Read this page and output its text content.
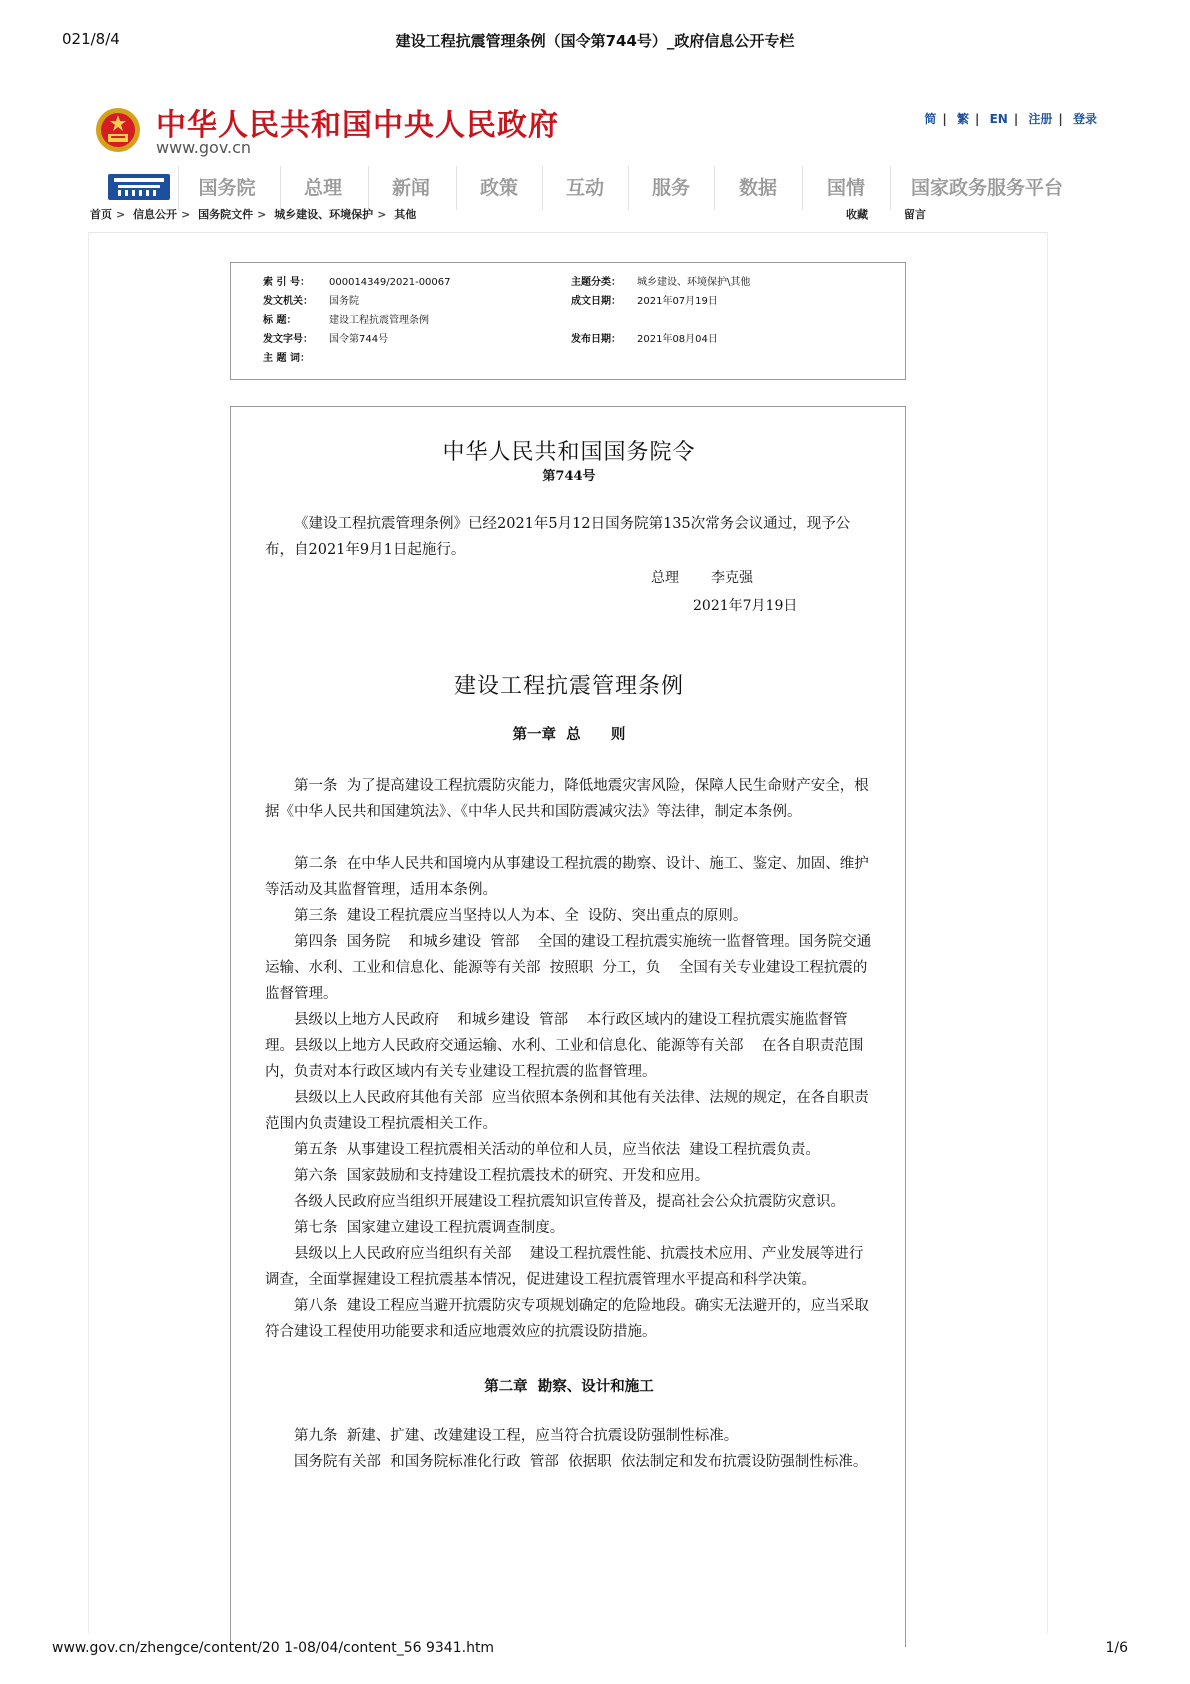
021/8/4	建设工程抗震管理条例（国令第744号）_政府信息公开专栏
中华人民共和国中央人民政府
www.gov.cn
简 | 繁 | EN | 注册 | 登录
国务院	总理	新闻	政策	互动	服务	数据	国情	国家政务服务平台
首页 > 信息公开 > 国务院文件 > 城乡建设、环境保护 > 其他	收藏	留言
索 引 号： 000014349/2021-00067	主题分类： 城乡建设、环境保护\其他
发文机关： 国务院	成文日期： 2021年07月19日
标 题：	建设工程抗震管理条例
发文字号： 国令第744号	发布日期： 2021年08月04日
主 题 词：
中华人民共和国国务院令
第744号
《建设工程抗震管理条例》已经2021年5月12日国务院第135次常务会议通过，现予公布，自2021年9月1日起施行。
总理 李克强
2021年7月19日
建设工程抗震管理条例
第一章  总      则
第一条  为了提高建设工程抗震防灾能力，降低地震灾害风险，保障人民生命财产安全，根据《中华人民共和国建筑法》、《中华人民共和国防震减灾法》等法律，制定本条例。
第二条  在中华人民共和国境内从事建设工程抗震的勘察、设计、施工、鉴定、加固、维护等活动及其监督管理，适用本条例。
第三条  建设工程抗震应当坚持以人为本、全  设防、突出重点的原则。
第四条  国务院    和城乡建设  管部    全国的建设工程抗震实施统一监督管理。国务院交通运输、水利、工业和信息化、能源等有关部  按照职  分工，负    全国有关专业建设工程抗震的监督管理。
县级以上地方人民政府    和城乡建设  管部    本行政区域内的建设工程抗震实施监督管理。县级以上地方人民政府交通运输、水利、工业和信息化、能源等有关部    在各自职责范围内，负责对本行政区域内有关专业建设工程抗震的监督管理。
县级以上人民政府其他有关部  应当依照本条例和其他有关法律、法规的规定，在各自职责范围内负责建设工程抗震相关工作。
第五条  从事建设工程抗震相关活动的单位和人员，应当依法  建设工程抗震负责。
第六条  国家鼓励和支持建设工程抗震技术的研究、开发和应用。
各级人民政府应当组织开展建设工程抗震知识宣传普及，提高社会公众抗震防灾意识。
第七条  国家建立建设工程抗震调查制度。
县级以上人民政府应当组织有关部    建设工程抗震性能、抗震技术应用、产业发展等进行调查，全面掌握建设工程抗震基本情况，促进建设工程抗震管理水平提高和科学决策。
第八条  建设工程应当避开抗震防灾专项规划确定的危险地段。确实无法避开的，应当采取符合建设工程使用功能要求和适应地震效应的抗震设防措施。
第二章  勘察、设计和施工
第九条  新建、扩建、改建建设工程，应当符合抗震设防强制性标准。
国务院有关部  和国务院标准化行政  管部  依据职  依法制定和发布抗震设防强制性标准。
www.gov.cn/zhengce/content/20 1-08/04/content_56 9341.htm	1/6
